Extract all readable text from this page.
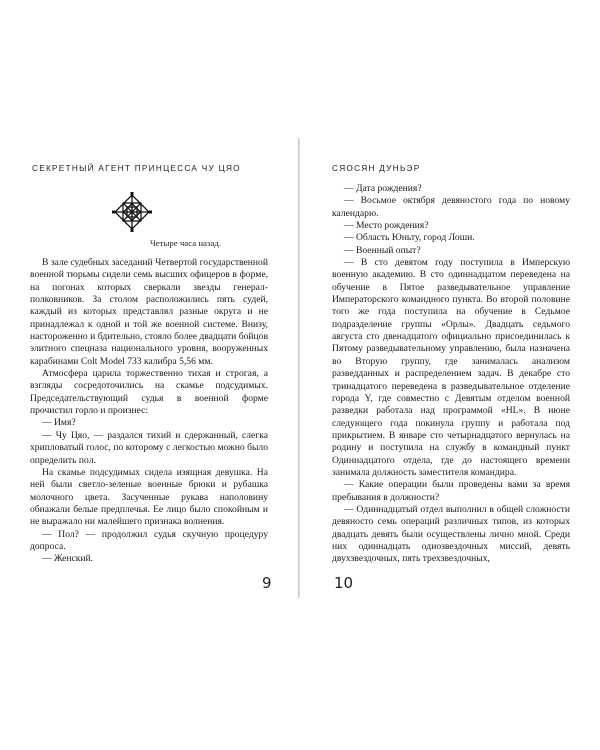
СЕКРЕТНЫЙ АГЕНТ ПРИНЦЕССА ЧУ ЦЯО
Четыре часа назад.

В зале судебных заседаний Четвертой государственной военной тюрьмы сидели семь высших офицеров в форме, на погонах которых сверкали звезды генерал-полковников. За столом расположились пять судей, каждый из которых представлял разные округа и не принадлежал к одной и той же военной системе. Внизу, настороженно и бдительно, стояло более двадцати бойцов элитного спецназа национального уровня, вооруженных карабинами Colt Model 733 калибра 5,56 мм.

Атмосфера царила торжественно тихая и строгая, а взгляды сосредоточились на скамье подсудимых. Председательствующий судья в военной форме прочистил горло и произнес:

— Имя?

— Чу Цяо, — раздался тихий и сдержанный, слегка хрипловатый голос, по которому с легкостью можно было определить пол.

На скамье подсудимых сидела изящная девушка. На ней были светло-зеленые военные брюки и рубашка молочного цвета. Засученные рукава наполовину обнажали белые предплечья. Ее лицо было спокойным и не выражало ни малейшего признака волнения.

— Пол? — продолжил судья скучную процедуру допроса.

— Женский.

9
СЯОСЯН ДУНЬЭР

— Дата рождения?

— Восьмое октября девяностого года по новому календарю.

— Место рождения?

— Область Юньту, город Лоши.

— Военный опыт?

— В сто девятом году поступила в Имперскую военную академию. В сто одиннадцатом переведена на обучение в Пятое разведывательное управление Императорского командного пункта. Во второй половине того же года поступила на обучение в Седьмое подразделение группы «Орлы». Двадцать седьмого августа сто двенадцатого официально присоединилась к Пятому разведывательному управлению, была назначена во Вторую группу, где занималась анализом разведданных и распределением задач. В декабре сто тринадцатого переведена в разведывательное отделение города Y, где совместно с Девятым отделом военной разведки работала над программой «HL». В июне следующего года покинула группу и работала под прикрытием. В январе сто четырнадцатого вернулась на родину и поступила на службу в командный пункт Одиннадцатого отдела, где до настоящего времени занимала должность заместителя командира.

— Какие операции были проведены вами за время пребывания в должности?

— Одиннадцатый отдел выполнил в общей сложности девяносто семь операций различных типов, из которых двадцать девять были осуществлены лично мной. Среди них одиннадцать одиозвездочных миссий, девять двухзвездочных, пять трехзвездочных,

10
